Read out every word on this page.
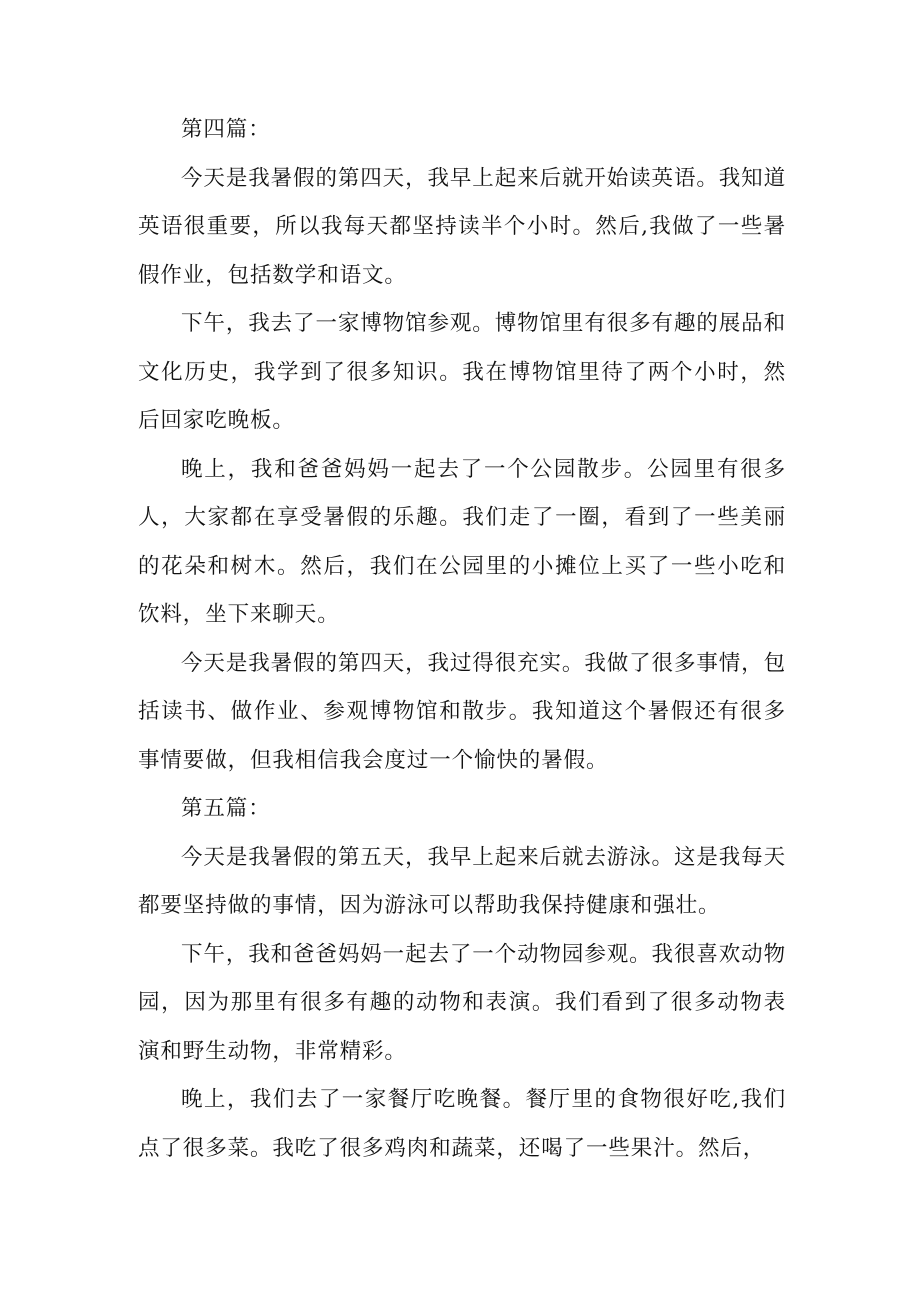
第四篇：

今天是我暑假的第四天，我早上起来后就开始读英语。我知道英语很重要，所以我每天都坚持读半个小时。然后,我做了一些暑假作业，包括数学和语文。

下午，我去了一家博物馆参观。博物馆里有很多有趣的展品和文化历史，我学到了很多知识。我在博物馆里待了两个小时，然后回家吃晚板。

晚上，我和爸爸妈妈一起去了一个公园散步。公园里有很多人，大家都在享受暑假的乐趣。我们走了一圈，看到了一些美丽的花朵和树木。然后，我们在公园里的小摊位上买了一些小吃和饮料，坐下来聊天。

今天是我暑假的第四天，我过得很充实。我做了很多事情，包括读书、做作业、参观博物馆和散步。我知道这个暑假还有很多事情要做，但我相信我会度过一个愉快的暑假。

第五篇：

今天是我暑假的第五天，我早上起来后就去游泳。这是我每天都要坚持做的事情，因为游泳可以帮助我保持健康和强壮。

下午，我和爸爸妈妈一起去了一个动物园参观。我很喜欢动物园，因为那里有很多有趣的动物和表演。我们看到了很多动物表演和野生动物，非常精彩。

晚上，我们去了一家餐厅吃晚餐。餐厅里的食物很好吃,我们点了很多菜。我吃了很多鸡肉和蔬菜，还喝了一些果汁。然后，
